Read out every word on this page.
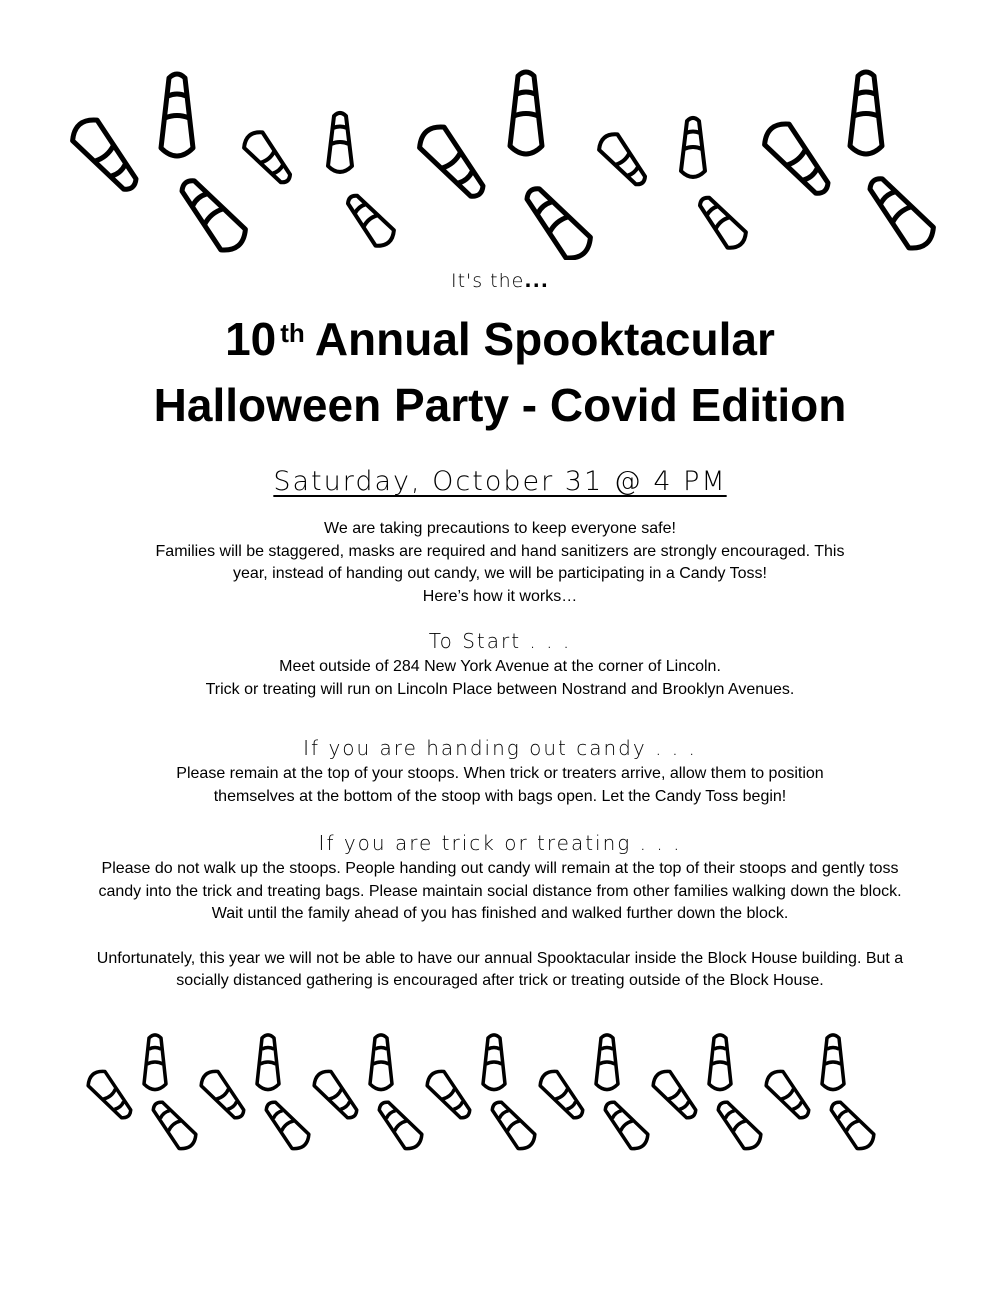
It's the...

10 $^{th}$ Annual Spooktacular
Halloween Party - Covid Edition

Saturday, October 31 @ 4 PM

We are taking precautions to keep everyone safe!
Families will be staggered, masks are required and hand sanitizers are strongly encouraged. This
year, instead of handing out candy, we will be participating in a Candy Toss!
Here’s how it works…
To Start . . .
Meet outside of 284 New York Avenue at the corner of Lincoln.
Trick or treating will run on Lincoln Place between Nostrand and Brooklyn Avenues.
If you are handing out candy . . .
Please remain at the top of your stoops. When trick or treaters arrive, allow them to position
themselves at the bottom of the stoop with bags open. Let the Candy Toss begin!
If you are trick or treating . . .
Please do not walk up the stoops. People handing out candy will remain at the top of their stoops and gently toss
candy into the trick and treating bags. Please maintain social distance from other families walking down the block.
Wait until the family ahead of you has finished and walked further down the block.
Unfortunately, this year we will not be able to have our annual Spooktacular inside the Block House building. But a
socially distanced gathering is encouraged after trick or treating outside of the Block House.
